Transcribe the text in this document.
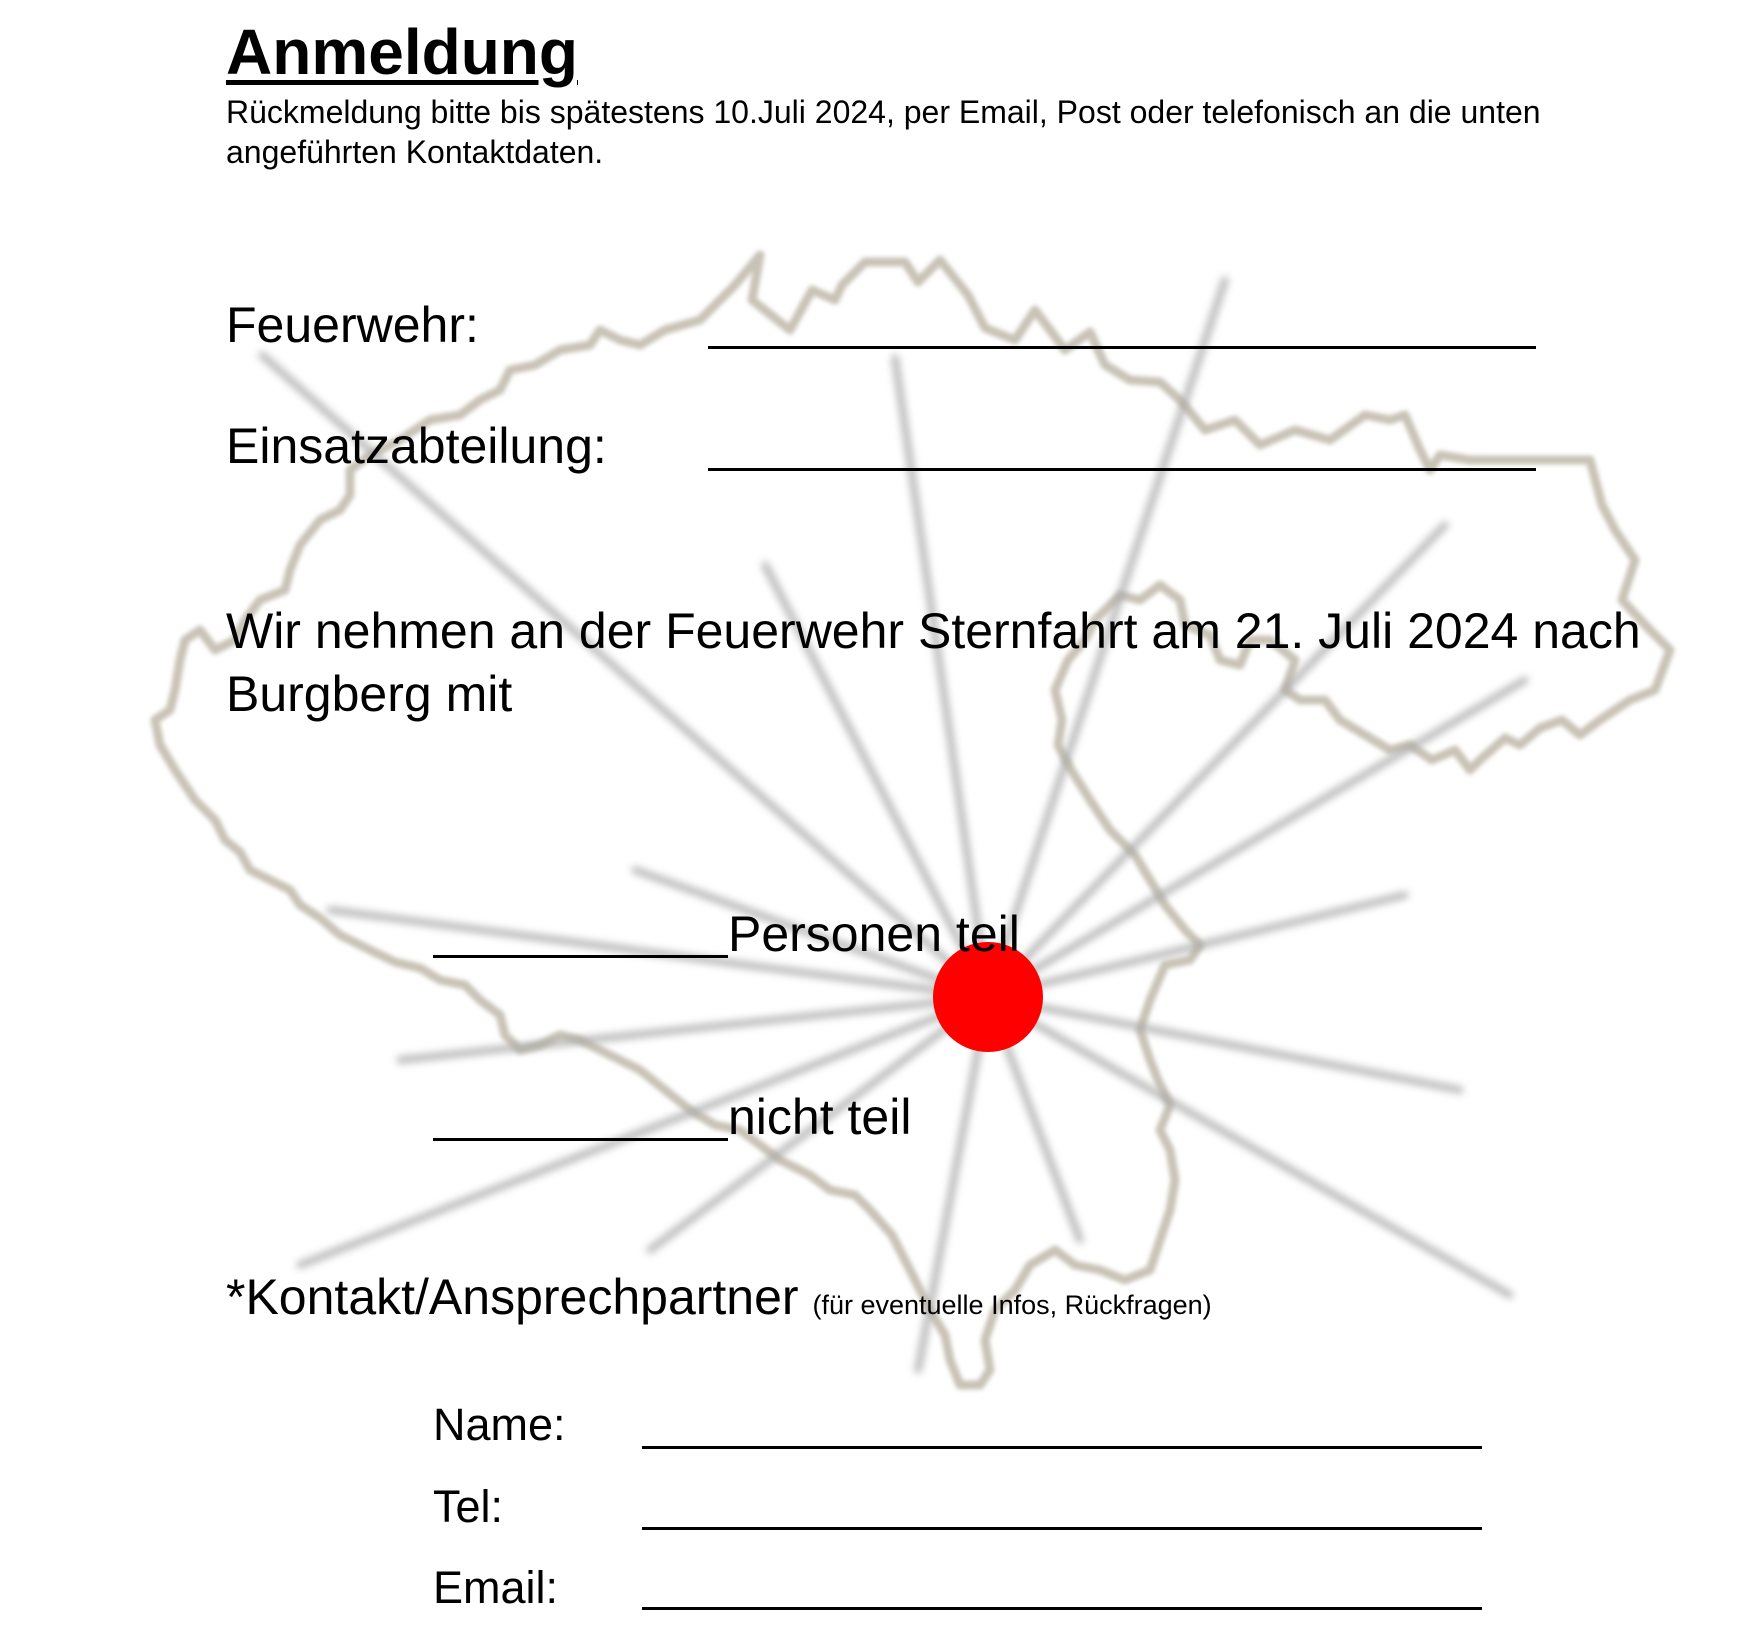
Anmeldung

Rückmeldung bitte bis spätestens 10.Juli 2024, per Email, Post oder telefonisch an die unten angeführten Kontaktdaten.

Feuerwehr:
Einsatzabteilung:

Wir nehmen an der Feuerwehr Sternfahrt am 21. Juli 2024 nach Burgberg mit

Personen teil
nicht teil
*Kontakt/Ansprechpartner (für eventuelle Infos, Rückfragen)
Name:
Tel:
Email:
